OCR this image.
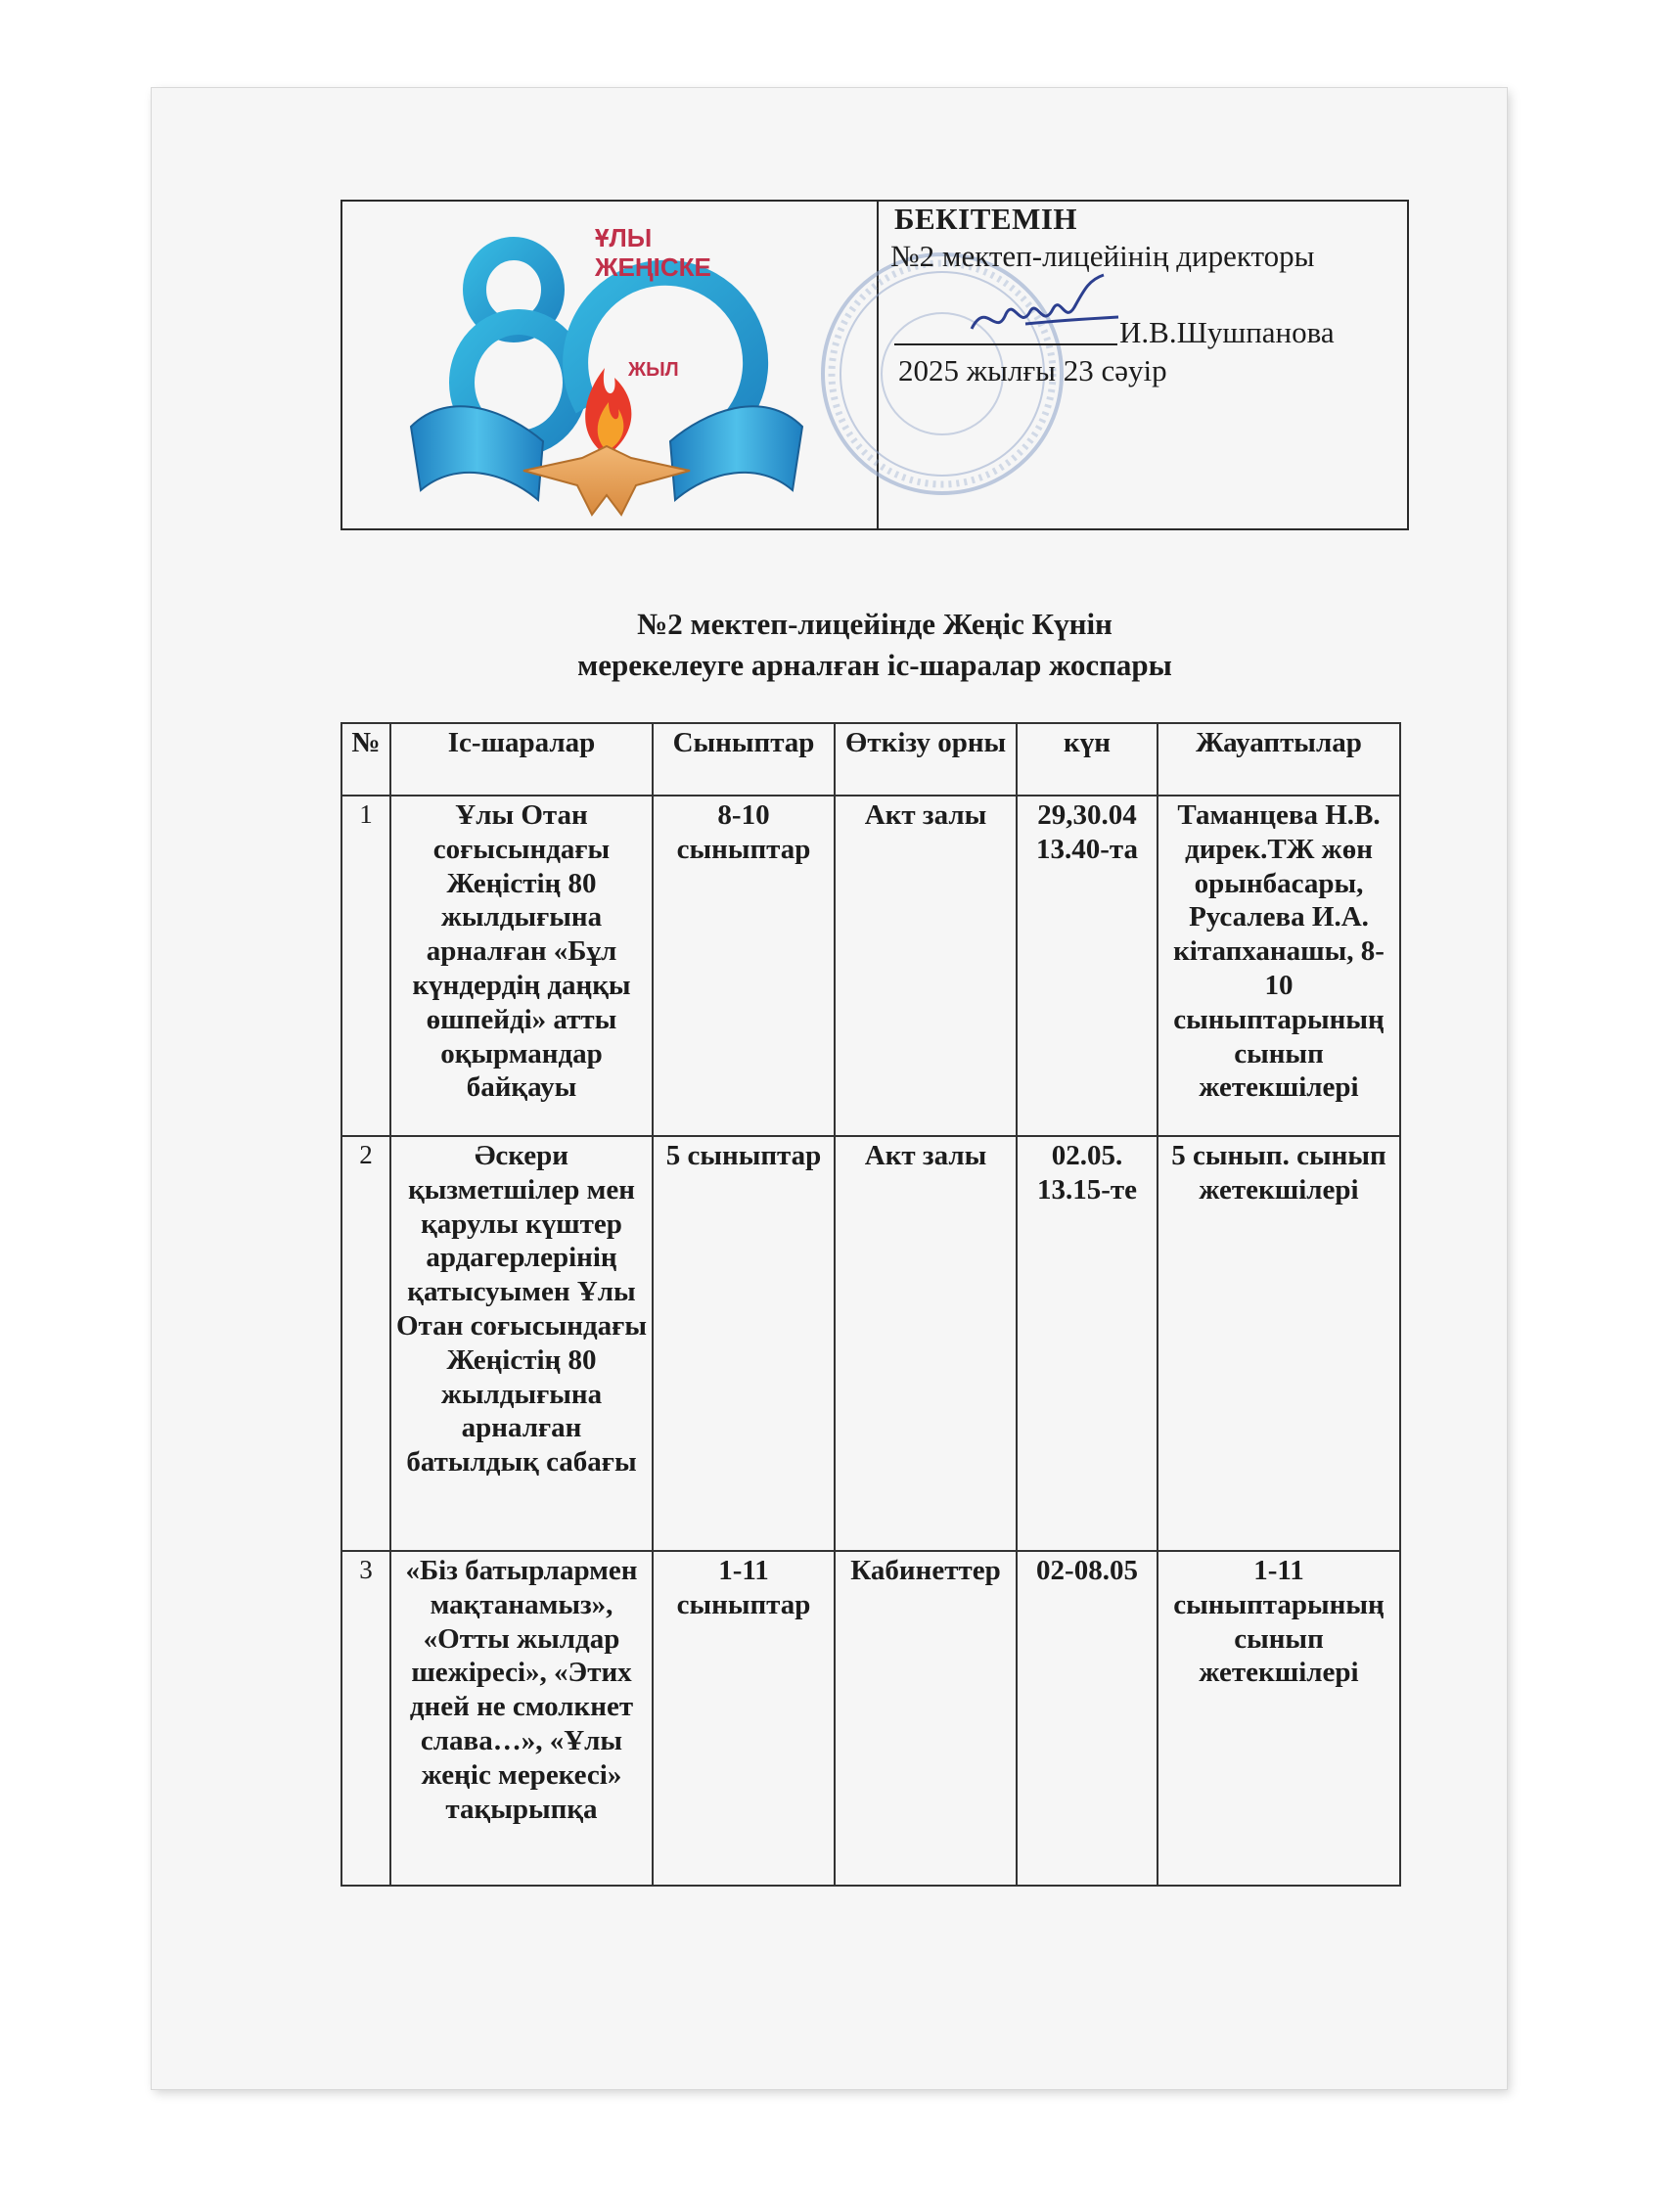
ҰЛЫ
ЖЕҢІСКЕ
ЖЫЛ
БЕКІТЕМІН
№2 мектеп-лицейінің директоры
И.В.Шушпанова
2025 жылғы 23 сәуір
№2 мектеп-лицейінде Жеңіс Күнін
мерекелеуге арналған іс-шаралар жоспары
№	Іс-шаралар	Сыныптар	Өткізу орны	күн	Жауаптылар
1	Ұлы Отан соғысындағы Жеңістің 80 жылдығына арналған «Бұл күндердің даңқы өшпейді» атты оқырмандар байқауы	8-10 сыныптар	Акт залы	29,30.04 13.40-та	Таманцева Н.В. дирек.ТЖ жөн орынбасары, Русалева И.А. кітапханашы, 8-10 сыныптарының сынып жетекшілері
2	Әскери қызметшілер мен қарулы күштер ардагерлерінің қатысуымен Ұлы Отан соғысындағы Жеңістің 80 жылдығына арналған батылдық сабағы	5 сыныптар	Акт залы	02.05. 13.15-те	5 сынып. сынып жетекшілері
3	«Біз батырлармен мақтанамыз», «Отты жылдар шежіресі», «Этих дней не смолкнет слава…», «Ұлы жеңіс мерекесі» тақырыпқа	1-11 сыныптар	Кабинеттер	02-08.05	1-11 сыныптарының сынып жетекшілері
